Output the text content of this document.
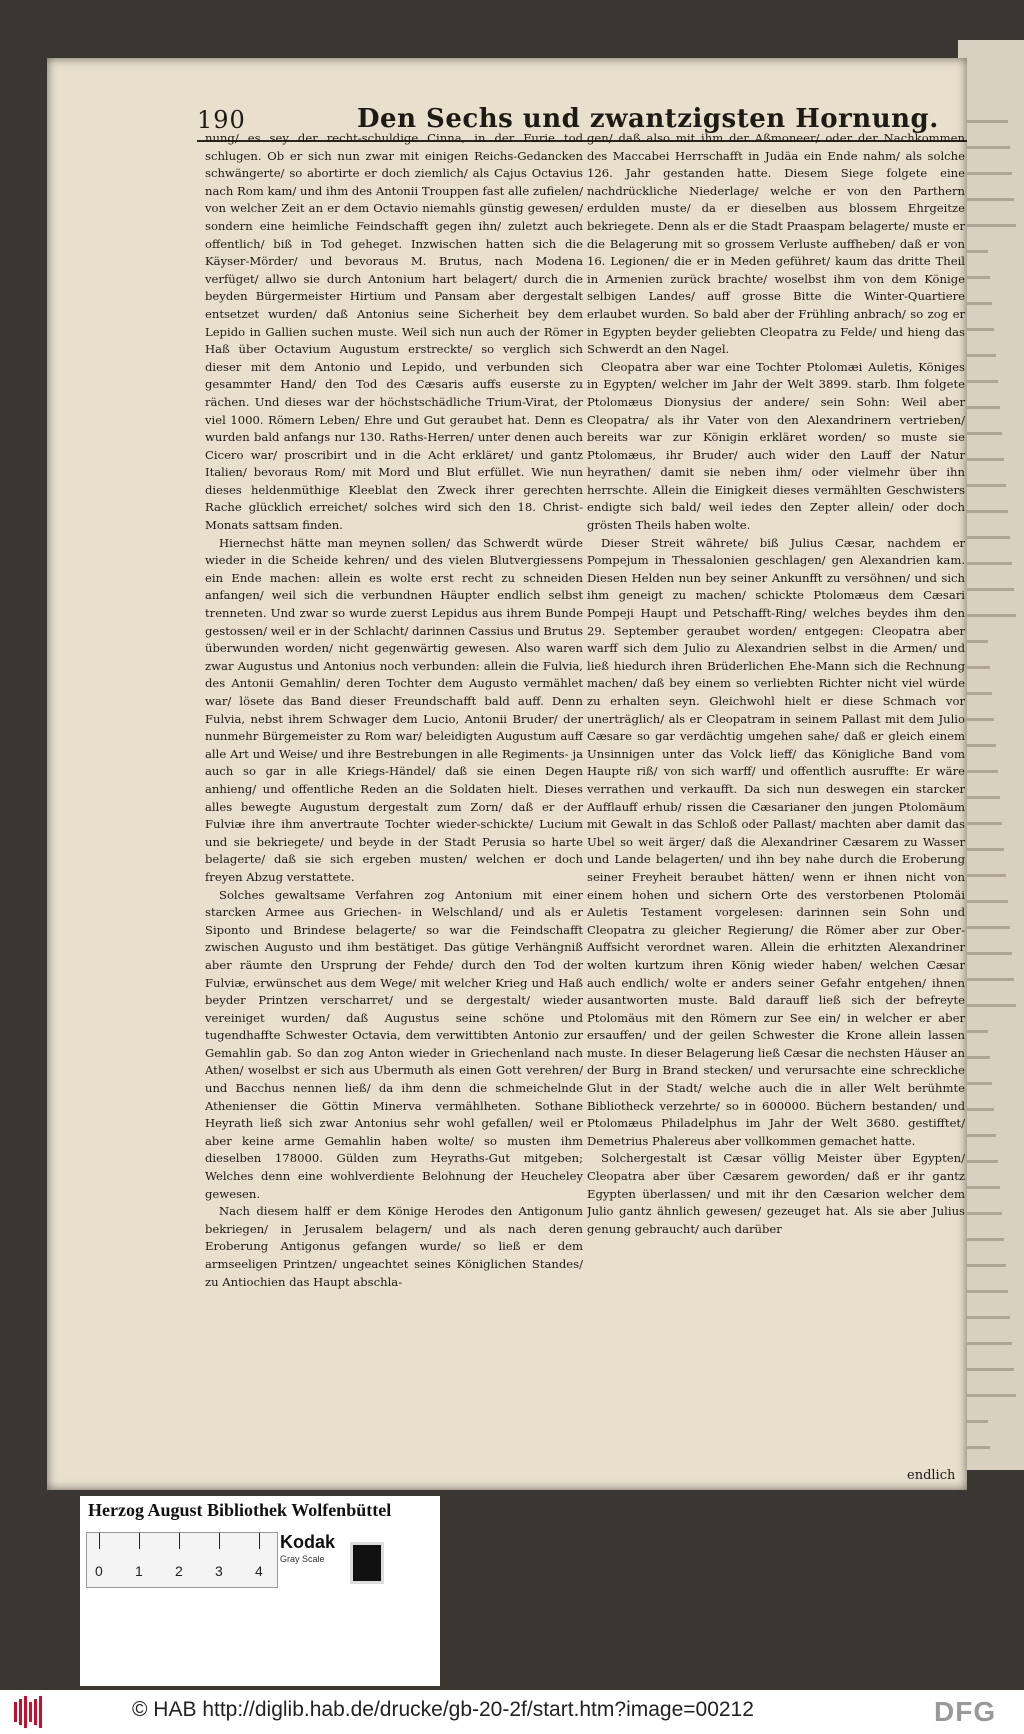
190	Den Sechs und zwantzigsten Hornung.

nung/ es sey der recht-schuldige Cinna, in der Furie tod schlugen. Ob er sich nun zwar mit einigen Reichs-Gedancken schwängerte/ so abortirte er doch ziemlich/ als Cajus Octavius nach Rom kam/ und ihm des Antonii Trouppen fast alle zufielen/ von welcher Zeit an er dem Octavio niemahls günstig gewesen/ sondern eine heimliche Feindschafft gegen ihn/ zuletzt auch offentlich/ biß in Tod geheget. Inzwischen hatten sich die Käyser-Mörder/ und bevoraus M. Brutus, nach Modena verfüget/ allwo sie durch Antonium hart belagert/ durch die beyden Bürgermeister Hirtium und Pansam aber dergestalt entsetzet wurden/ daß Antonius seine Sicherheit bey dem Lepido in Gallien suchen muste. Weil sich nun auch der Römer Haß über Octavium Augustum erstreckte/ so verglich sich dieser mit dem Antonio und Lepido, und verbunden sich gesammter Hand/ den Tod des Cæsaris auffs euserste zu rächen. Und dieses war der höchstschädliche Trium-Virat, der viel 1000. Römern Leben/ Ehre und Gut geraubet hat. Denn es wurden bald anfangs nur 130. Raths-Herren/ unter denen auch Cicero war/ proscribirt und in die Acht erkläret/ und gantz Italien/ bevoraus Rom/ mit Mord und Blut erfüllet. Wie nun dieses heldenmüthige Kleeblat den Zweck ihrer gerechten Rache glücklich erreichet/ solches wird sich den 18. Christ-Monats sattsam finden.

Hiernechst hätte man meynen sollen/ das Schwerdt würde wieder in die Scheide kehren/ und des vielen Blutvergiessens ein Ende machen: allein es wolte erst recht zu schneiden anfangen/ weil sich die verbundnen Häupter endlich selbst trenneten. Und zwar so wurde zuerst Lepidus aus ihrem Bunde gestossen/ weil er in der Schlacht/ darinnen Cassius und Brutus überwunden worden/ nicht gegenwärtig gewesen. Also waren zwar Augustus und Antonius noch verbunden: allein die Fulvia, des Antonii Gemahlin/ deren Tochter dem Augusto vermählet war/ lösete das Band dieser Freundschafft bald auff. Denn Fulvia, nebst ihrem Schwager dem Lucio, Antonii Bruder/ der nunmehr Bürgemeister zu Rom war/ beleidigten Augustum auff alle Art und Weise/ und ihre Bestrebungen in alle Regiments- ja auch so gar in alle Kriegs-Händel/ daß sie einen Degen anhieng/ und offentliche Reden an die Soldaten hielt. Dieses alles bewegte Augustum dergestalt zum Zorn/ daß er der Fulviæ ihre ihm anvertraute Tochter wieder-schickte/ Lucium und sie bekriegete/ und beyde in der Stadt Perusia so harte belagerte/ daß sie sich ergeben musten/ welchen er doch freyen Abzug verstattete.

Solches gewaltsame Verfahren zog Antonium mit einer starcken Armee aus Griechen- in Welschland/ und als er Siponto und Brindese belagerte/ so war die Feindschafft zwischen Augusto und ihm bestätiget. Das gütige Verhängniß aber räumte den Ursprung der Fehde/ durch den Tod der Fulviæ, erwünschet aus dem Wege/ mit welcher Krieg und Haß beyder Printzen verscharret/ und se dergestalt/ wieder vereiniget wurden/ daß Augustus seine schöne und tugendhaffte Schwester Octavia, dem verwittibten Antonio zur Gemahlin gab. So dan zog Anton wieder in Griechenland nach Athen/ woselbst er sich aus Ubermuth als einen Gott verehren/ und Bacchus nennen ließ/ da ihm denn die schmeichelnde Athenienser die Göttin Minerva vermählheten. Sothane Heyrath ließ sich zwar Antonius sehr wohl gefallen/ weil er aber keine arme Gemahlin haben wolte/ so musten ihm dieselben 178000. Gülden zum Heyraths-Gut mitgeben; Welches denn eine wohlverdiente Belohnung der Heucheley gewesen.

Nach diesem halff er dem Könige Herodes den Antigonum bekriegen/ in Jerusalem belagern/ und als nach deren Eroberung Antigonus gefangen wurde/ so ließ er dem armseeligen Printzen/ ungeachtet seines Königlichen Standes/ zu Antiochien das Haupt abschla-

gen/ daß also mit ihm der Aßmoneer/ oder der Nachkommen des Maccabei Herrschafft in Judäa ein Ende nahm/ als solche 126. Jahr gestanden hatte. Diesem Siege folgete eine nachdrückliche Niederlage/ welche er von den Parthern erdulden muste/ da er dieselben aus blossem Ehrgeitze bekriegete. Denn als er die Stadt Praaspam belagerte/ muste er die Belagerung mit so grossem Verluste auffheben/ daß er von 16. Legionen/ die er in Meden geführet/ kaum das dritte Theil in Armenien zurück brachte/ woselbst ihm von dem Könige selbigen Landes/ auff grosse Bitte die Winter-Quartiere erlaubet wurden. So bald aber der Frühling anbrach/ so zog er in Egypten beyder geliebten Cleopatra zu Felde/ und hieng das Schwerdt an den Nagel.

Cleopatra aber war eine Tochter Ptolomæi Auletis, Königes in Egypten/ welcher im Jahr der Welt 3899. starb. Ihm folgete Ptolomæus Dionysius der andere/ sein Sohn: Weil aber Cleopatra/ als ihr Vater von den Alexandrinern vertrieben/ bereits war zur Königin erkläret worden/ so muste sie Ptolomæus, ihr Bruder/ auch wider den Lauff der Natur heyrathen/ damit sie neben ihm/ oder vielmehr über ihn herrschte. Allein die Einigkeit dieses vermählten Geschwisters endigte sich bald/ weil iedes den Zepter allein/ oder doch grösten Theils haben wolte.

Dieser Streit währete/ biß Julius Cæsar, nachdem er Pompejum in Thessalonien geschlagen/ gen Alexandrien kam. Diesen Helden nun bey seiner Ankunfft zu versöhnen/ und sich ihm geneigt zu machen/ schickte Ptolomæus dem Cæsari Pompeji Haupt und Petschafft-Ring/ welches beydes ihm den 29. September geraubet worden/ entgegen: Cleopatra aber warff sich dem Julio zu Alexandrien selbst in die Armen/ und ließ hiedurch ihren Brüderlichen Ehe-Mann sich die Rechnung machen/ daß bey einem so verliebten Richter nicht viel würde zu erhalten seyn. Gleichwohl hielt er diese Schmach vor unerträglich/ als er Cleopatram in seinem Pallast mit dem Julio Cæsare so gar verdächtig umgehen sahe/ daß er gleich einem Unsinnigen unter das Volck lieff/ das Königliche Band vom Haupte riß/ von sich warff/ und offentlich ausruffte: Er wäre verrathen und verkaufft. Da sich nun deswegen ein starcker Aufflauff erhub/ rissen die Cæsarianer den jungen Ptolomäum mit Gewalt in das Schloß oder Pallast/ machten aber damit das Ubel so weit ärger/ daß die Alexandriner Cæsarem zu Wasser und Lande belagerten/ und ihn bey nahe durch die Eroberung seiner Freyheit beraubet hätten/ wenn er ihnen nicht von einem hohen und sichern Orte des verstorbenen Ptolomäi Auletis Testament vorgelesen: darinnen sein Sohn und Cleopatra zu gleicher Regierung/ die Römer aber zur Ober-Auffsicht verordnet waren. Allein die erhitzten Alexandriner wolten kurtzum ihren König wieder haben/ welchen Cæsar auch endlich/ wolte er anders seiner Gefahr entgehen/ ihnen ausantworten muste. Bald darauff ließ sich der befreyte Ptolomäus mit den Römern zur See ein/ in welcher er aber ersauffen/ und der geilen Schwester die Krone allein lassen muste. In dieser Belagerung ließ Cæsar die nechsten Häuser an der Burg in Brand stecken/ und verursachte eine schreckliche Glut in der Stadt/ welche auch die in aller Welt berühmte Bibliotheck verzehrte/ so in 600000. Büchern bestanden/ und Ptolomæus Philadelphus im Jahr der Welt 3680. gestifftet/ Demetrius Phalereus aber vollkommen gemachet hatte.

Solchergestalt ist Cæsar völlig Meister über Egypten/ Cleopatra aber über Cæsarem geworden/ daß er ihr gantz Egypten überlassen/ und mit ihr den Cæsarion welcher dem Julio gantz ähnlich gewesen/ gezeuget hat. Als sie aber Julius genung gebraucht/ auch darüber

endlich
Herzog August Bibliothek Wolfenbüttel
0 1 2 3 4
Kodak
Gray Scale
© HAB http://diglib.hab.de/drucke/gb-20-2f/start.htm?image=00212	DFG
